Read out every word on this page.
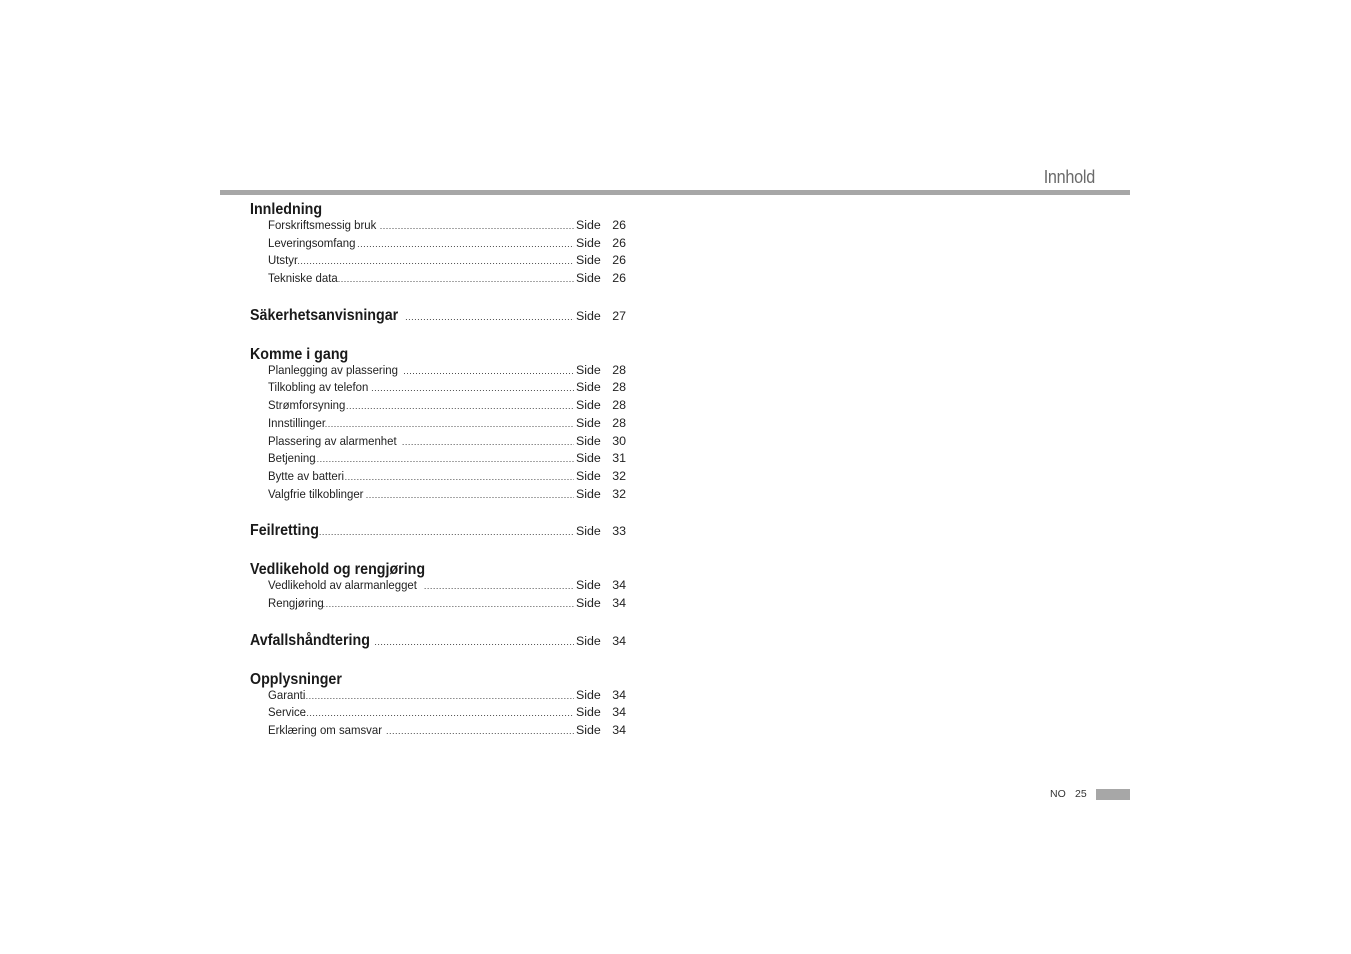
Innhold
Innledning
Forskriftsmessig bruk .....	Side 26
Leveringsomfang .....	Side 26
Utstyr .....	Side 26
Tekniske data .....	Side 26
Säkerhetsanvisningar .....	Side 27
Komme i gang
Planlegging av plassering .....	Side 28
Tilkobling av telefon .....	Side 28
Strømforsyning .....	Side 28
Innstillinger .....	Side 28
Plassering av alarmenhet .....	Side 30
Betjening .....	Side 31
Bytte av batteri .....	Side 32
Valgfrie tilkoblinger .....	Side 32
Feilretting .....	Side 33
Vedlikehold og rengjøring
Vedlikehold av alarmanlegget .....	Side 34
Rengjøring .....	Side 34
Avfallshåndtering .....	Side 34
Opplysninger
Garanti .....	Side 34
Service .....	Side 34
Erklæring om samsvar .....	Side 34
NO 25
